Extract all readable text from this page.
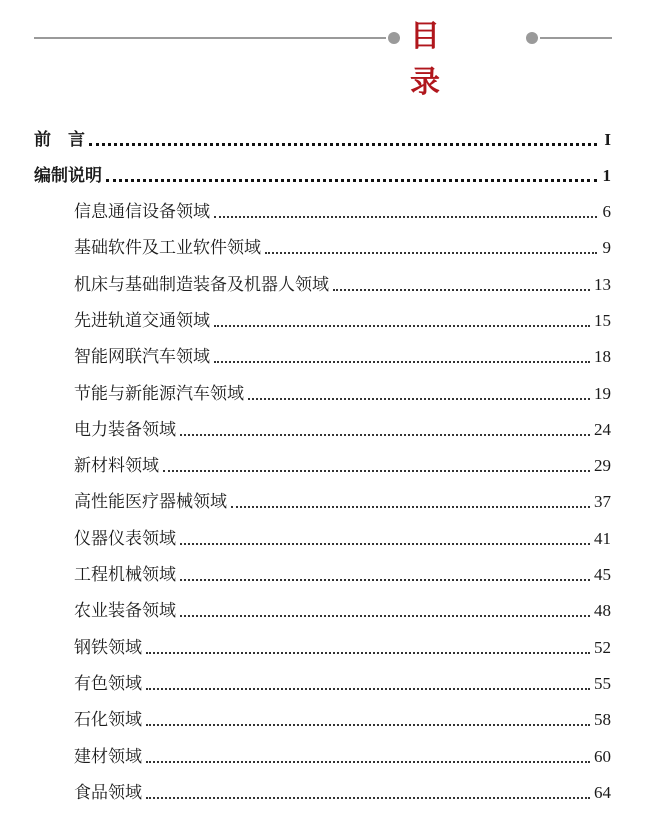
目 录
前　言	I
编制说明	1
信息通信设备领域	6
基础软件及工业软件领域	9
机床与基础制造装备及机器人领域	13
先进轨道交通领域	15
智能网联汽车领域	18
节能与新能源汽车领域	19
电力装备领域	24
新材料领域	29
高性能医疗器械领域	37
仪器仪表领域	41
工程机械领域	45
农业装备领域	48
钢铁领域	52
有色领域	55
石化领域	58
建材领域	60
食品领域	64
